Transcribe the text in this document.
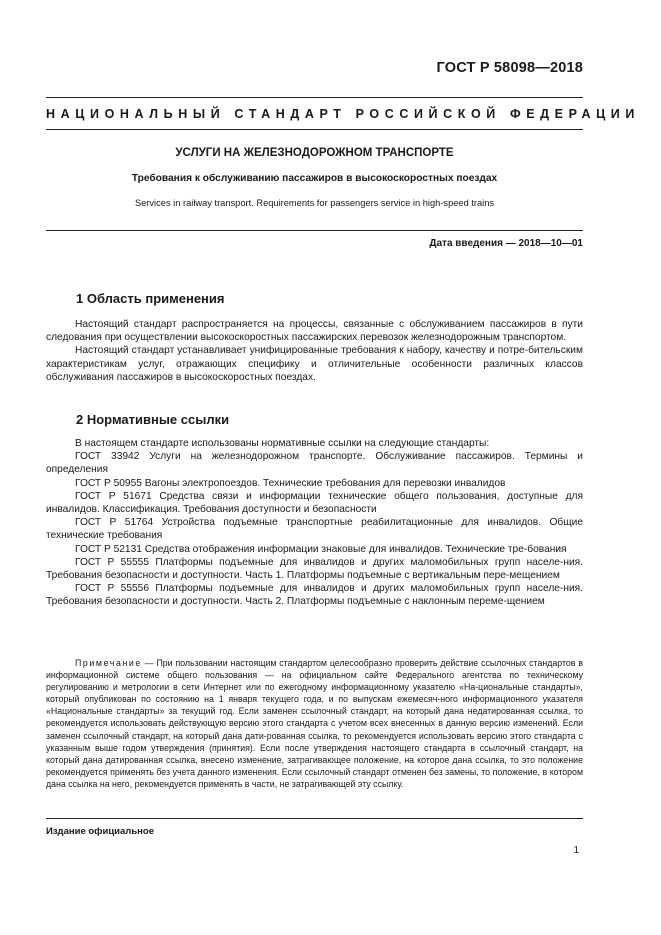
ГОСТ Р 58098—2018
НАЦИОНАЛЬНЫЙ СТАНДАРТ РОССИЙСКОЙ ФЕДЕРАЦИИ
УСЛУГИ НА ЖЕЛЕЗНОДОРОЖНОМ ТРАНСПОРТЕ
Требования к обслуживанию пассажиров в высокоскоростных поездах
Services in railway transport. Requirements for passengers service in high-speed trains
Дата введения — 2018—10—01
1 Область применения

Настоящий стандарт распространяется на процессы, связанные с обслуживанием пассажиров в пути следования при осуществлении высокоскоростных пассажирских перевозок железнодорожным транспортом.

Настоящий стандарт устанавливает унифицированные требования к набору, качеству и потре-бительским характеристикам услуг, отражающих специфику и отличительные особенности различных классов обслуживания пассажиров в высокоскоростных поездах.

2 Нормативные ссылки

В настоящем стандарте использованы нормативные ссылки на следующие стандарты:

ГОСТ 33942 Услуги на железнодорожном транспорте. Обслуживание пассажиров. Термины и определения

ГОСТ Р 50955 Вагоны электропоездов. Технические требования для перевозки инвалидов

ГОСТ Р 51671 Средства связи и информации технические общего пользования, доступные для инвалидов. Классификация. Требования доступности и безопасности

ГОСТ Р 51764 Устройства подъемные транспортные реабилитационные для инвалидов. Общие технические требования

ГОСТ Р 52131 Средства отображения информации знаковые для инвалидов. Технические тре-бования

ГОСТ Р 55555 Платформы подъемные для инвалидов и других маломобильных групп населе-ния. Требования безопасности и доступности. Часть 1. Платформы подъемные с вертикальным пере-мещением

ГОСТ Р 55556 Платформы подъемные для инвалидов и других маломобильных групп населе-ния. Требования безопасности и доступности. Часть 2. Платформы подъемные с наклонным переме-щением

Примечание — При пользовании настоящим стандартом целесообразно проверить действие ссылочных стандартов в информационной системе общего пользования — на официальном сайте Федерального агентства по техническому регулированию и метрологии в сети Интернет или по ежегодному информационному указателю «На-циональные стандарты», который опубликован по состоянию на 1 января текущего года, и по выпускам ежемесяч-ного информационного указателя «Национальные стандарты» за текущий год. Если заменен ссылочный стандарт, на который дана недатированная ссылка, то рекомендуется использовать действующую версию этого стандарта с учетом всех внесенных в данную версию изменений. Если заменен ссылочный стандарт, на который дана дати-рованная ссылка, то рекомендуется использовать версию этого стандарта с указанным выше годом утверждения (принятия). Если после утверждения настоящего стандарта в ссылочный стандарт, на который дана датированная ссылка, внесено изменение, затрагивающее положение, на которое дана ссылка, то это положение рекомендуется применять без учета данного изменения. Если ссылочный стандарт отменен без замены, то положение, в котором дана ссылка на него, рекомендуется применять в части, не затрагивающей эту ссылку.
Издание официальное
1
